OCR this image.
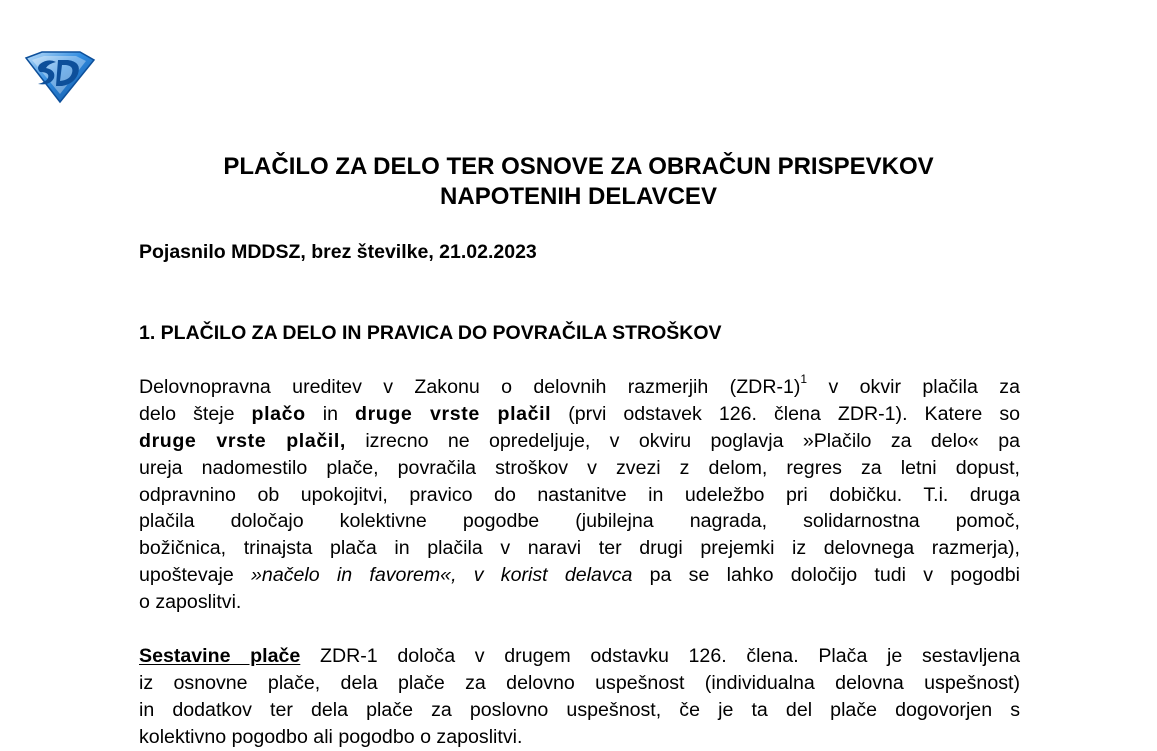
PLAČILO ZA DELO TER OSNOVE ZA OBRAČUN PRISPEVKOV
NAPOTENIH DELAVCEV
Pojasnilo MDDSZ, brez številke, 21.02.2023
1. PLAČILO ZA DELO IN PRAVICA DO POVRAČILA STROŠKOV
Delovnopravna ureditev v Zakonu o delovnih razmerjih $(ZDR-1)^1$ v okvir plačila za
delo šteje plačo in druge vrste plačil (prvi odstavek 126. člena ZDR-1). Katere so
druge vrste plačil, izrecno ne opredeljuje, v okviru poglavja »Plačilo za delo« pa
ureja nadomestilo plače, povračila stroškov v zvezi z delom, regres za letni dopust,
odpravnino ob upokojitvi, pravico do nastanitve in udeležbo pri dobičku. T.i. druga
plačila določajo kolektivne pogodbe (jubilejna nagrada, solidarnostna pomoč,
božičnica, trinajsta plača in plačila v naravi ter drugi prejemki iz delovnega razmerja),
upoštevaje »načelo in favorem«, v korist delavca pa se lahko določijo tudi v pogodbi
o zaposlitvi.
Sestavine plače ZDR-1 določa v drugem odstavku 126. člena. Plača je sestavljena
iz osnovne plače, dela plače za delovno uspešnost (individualna delovna uspešnost)
in dodatkov ter dela plače za poslovno uspešnost, če je ta del plače dogovorjen s
kolektivno pogodbo ali pogodbo o zaposlitvi.
